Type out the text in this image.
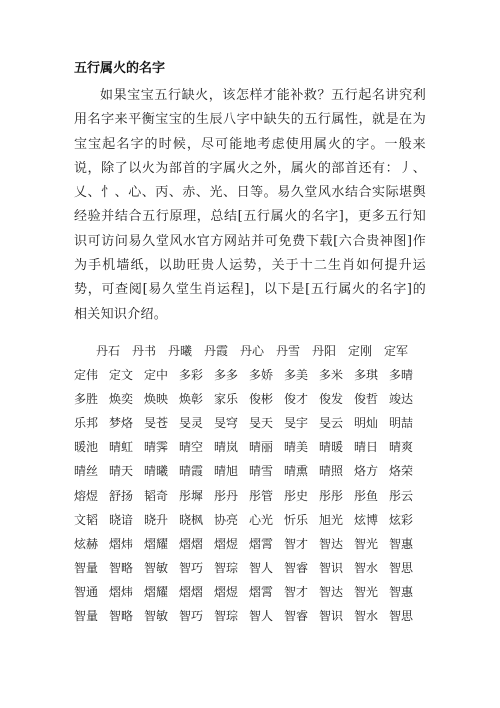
五行属火的名字

如果宝宝五行缺火，该怎样才能补救？五行起名讲究利用名字来平衡宝宝的生辰八字中缺失的五行属性，就是在为宝宝起名字的时候，尽可能地考虑使用属火的字。一般来说，除了以火为部首的字属火之外，属火的部首还有：丿、乂、忄、心、丙、赤、光、日等。易久堂风水结合实际堪舆经验并结合五行原理，总结[五行属火的名字]，更多五行知识可访问易久堂风水官方网站并可免费下载[六合贵神图]作为手机墙纸，以助旺贵人运势，关于十二生肖如何提升运势，可查阅[易久堂生肖运程]，以下是[五行属火的名字]的相关知识介绍。

丹石 丹书 丹曦 丹霞 丹心 丹雪 丹阳 定刚 定军
定伟 定文 定中 多彩 多多 多娇 多美 多米 多琪 多晴
多胜 焕奕 焕映 焕彰 家乐 俊彬 俊才 俊发 俊哲 竣达
乐邦 梦烙 旻苍 旻灵 旻穹 旻天 旻宇 旻云 明灿 明喆
暖池 晴虹 晴霁 晴空 晴岚 晴丽 晴美 晴暖 晴日 晴爽
晴丝 晴天 晴曦 晴霞 晴旭 晴雪 晴熏 晴照 烙方 烙荣
熔煜 舒扬 韬奇 彤墀 彤丹 彤管 彤史 彤彤 彤鱼 彤云
文韬 晓谙 晓升 晓枫 协亮 心光 忻乐 旭光 炫博 炫彩
炫赫 熠炜 熠耀 熠熠 熠煜 熠霄 智才 智达 智光 智惠
智量 智略 智敏 智巧 智琮 智人 智睿 智识 智水 智思
智通 熠炜 熠耀 熠熠 熠煜 熠霄 智才 智达 智光 智惠
智量 智略 智敏 智巧 智琮 智人 智睿 智识 智水 智思
